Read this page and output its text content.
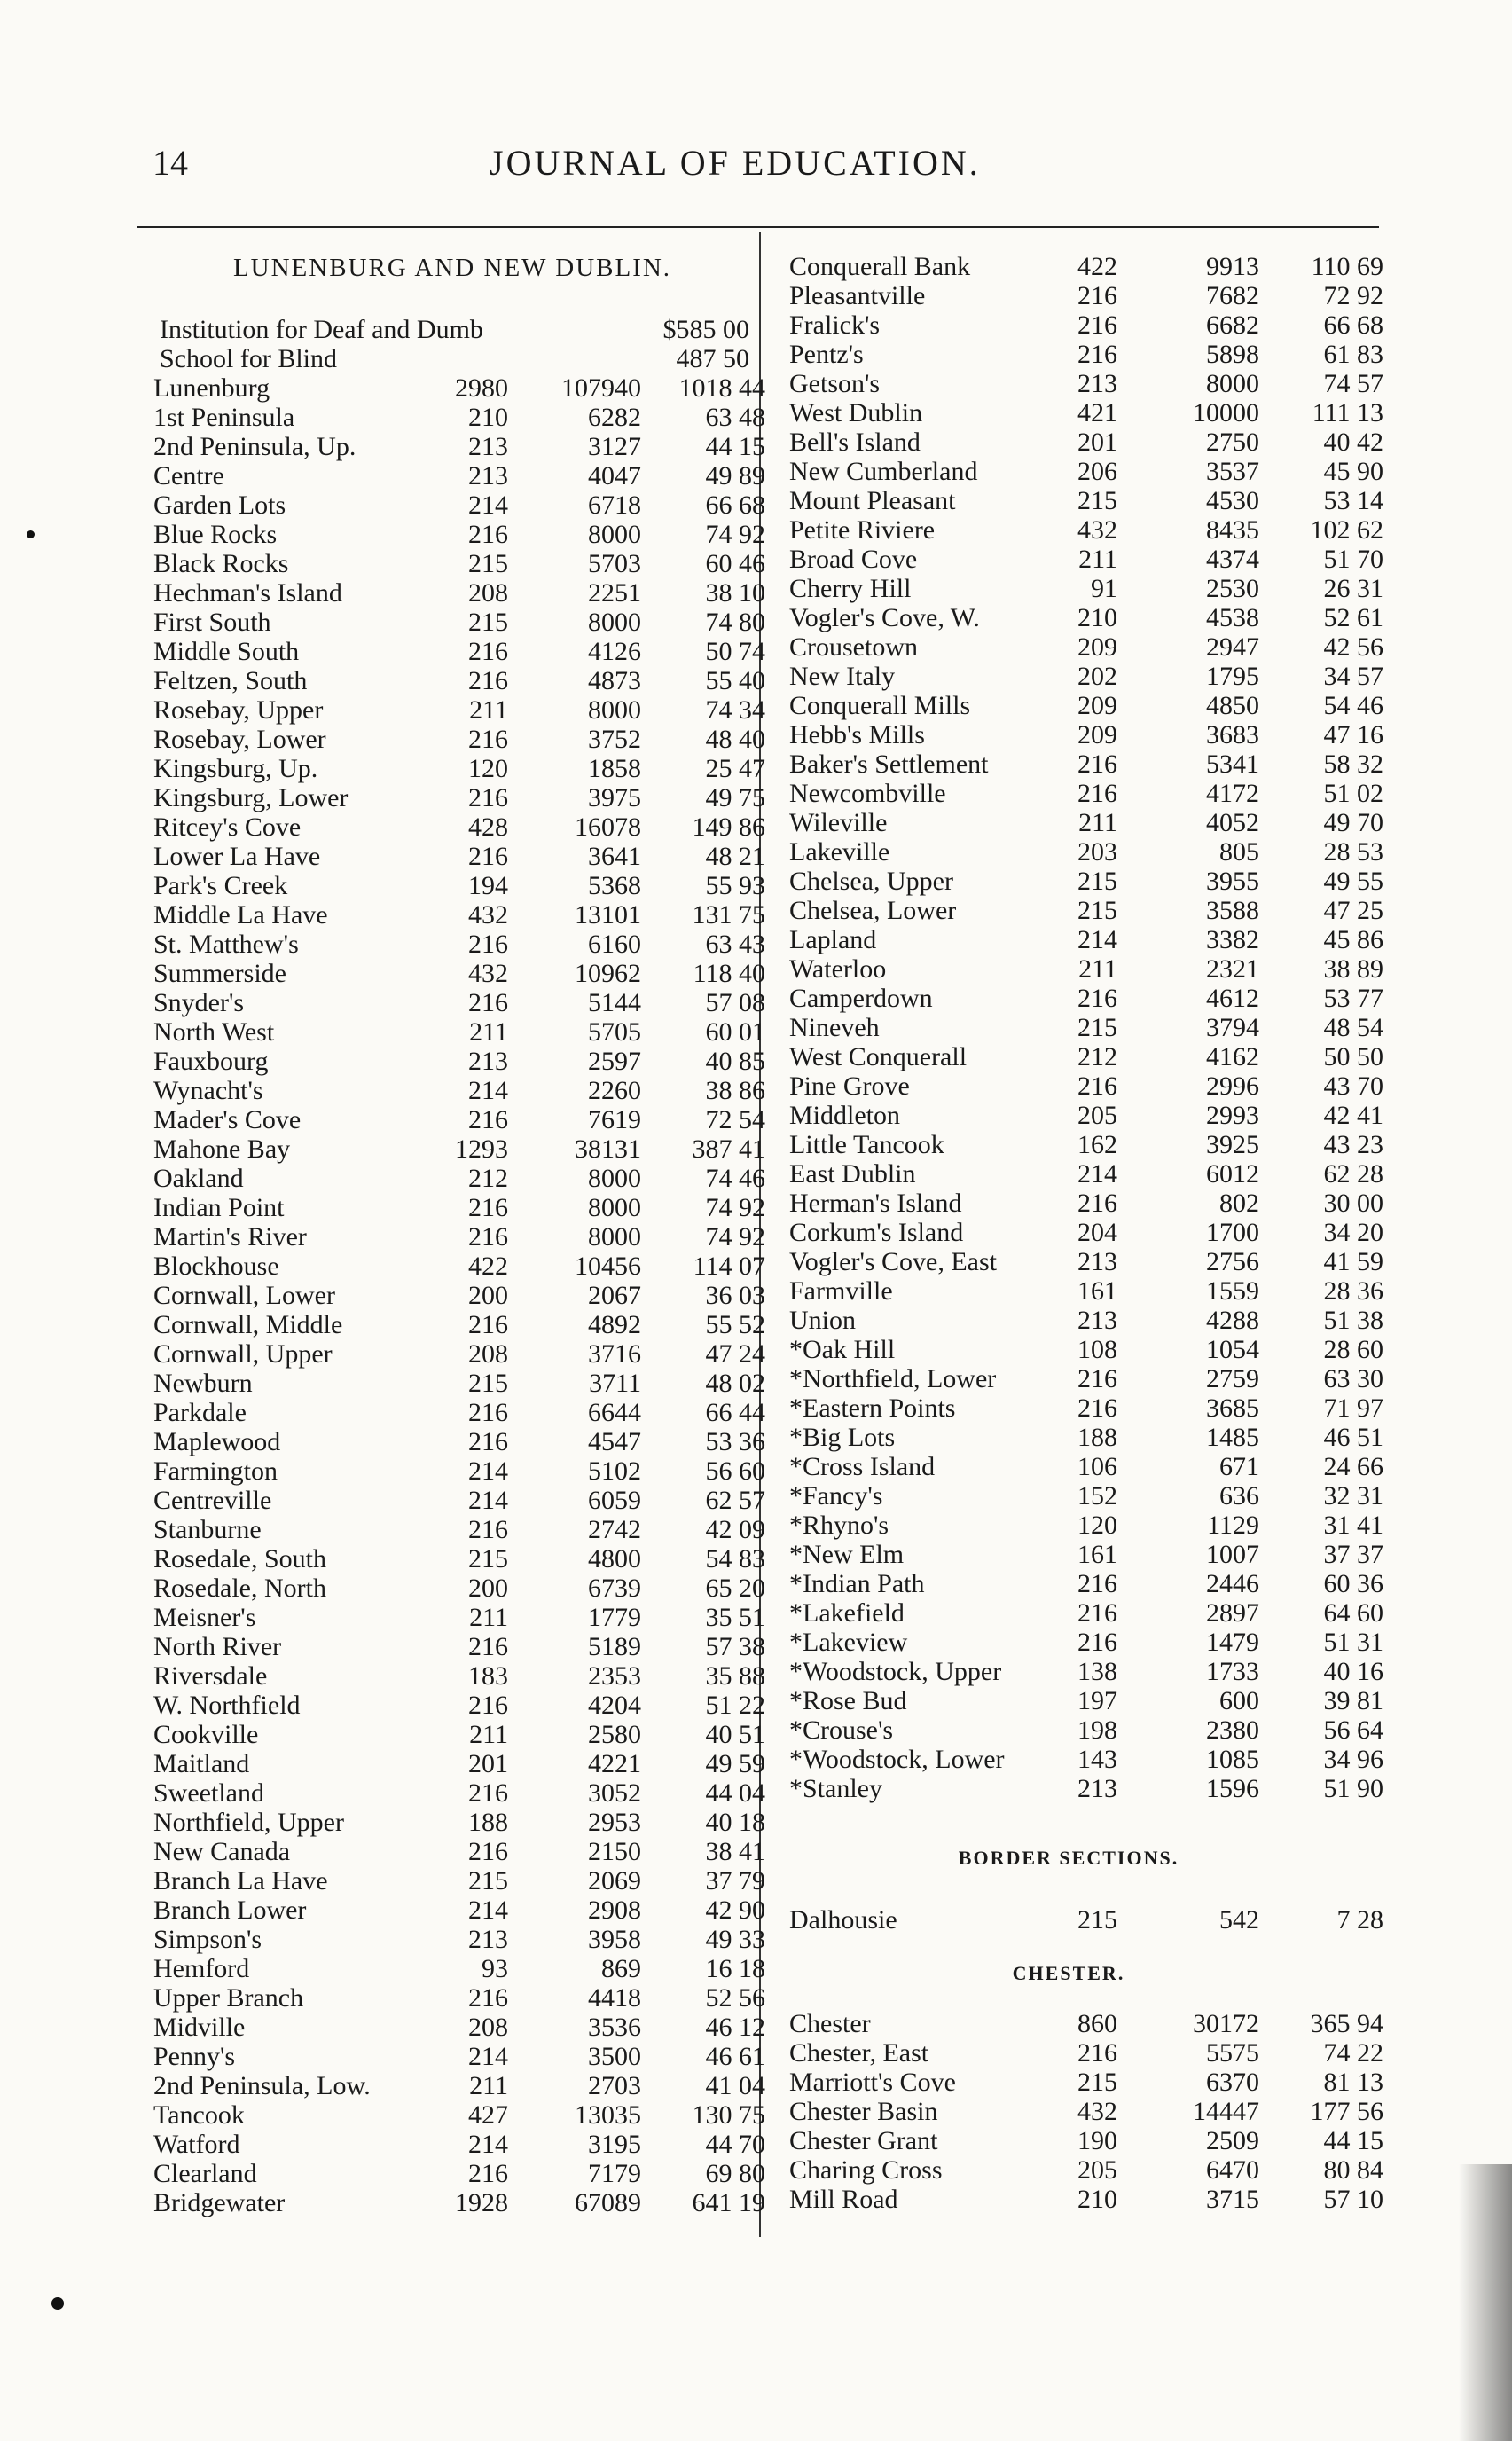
14	JOURNAL OF EDUCATION.
LUNENBURG AND NEW DUBLIN.
Institution for Deaf and Dumb	$585 00
School for Blind	487 50
Lunenburg	2980	107940	1018 44
1st Peninsula	210	6282	63 48
2nd Peninsula, Up.	213	3127	44 15
Centre	213	4047	49 89
Garden Lots	214	6718	66 68
Blue Rocks	216	8000	74 92
Black Rocks	215	5703	60 46
Hechman's Island	208	2251	38 10
First South	215	8000	74 80
Middle South	216	4126	50 74
Feltzen, South	216	4873	55 40
Rosebay, Upper	211	8000	74 34
Rosebay, Lower	216	3752	48 40
Kingsburg, Up.	120	1858	25 47
Kingsburg, Lower	216	3975	49 75
Ritcey's Cove	428	16078	149 86
Lower La Have	216	3641	48 21
Park's Creek	194	5368	55 93
Middle La Have	432	13101	131 75
St. Matthew's	216	6160	63 43
Summerside	432	10962	118 40
Snyder's	216	5144	57 08
North West	211	5705	60 01
Fauxbourg	213	2597	40 85
Wynacht's	214	2260	38 86
Mader's Cove	216	7619	72 54
Mahone Bay	1293	38131	387 41
Oakland	212	8000	74 46
Indian Point	216	8000	74 92
Martin's River	216	8000	74 92
Blockhouse	422	10456	114 07
Cornwall, Lower	200	2067	36 03
Cornwall, Middle	216	4892	55 52
Cornwall, Upper	208	3716	47 24
Newburn	215	3711	48 02
Parkdale	216	6644	66 44
Maplewood	216	4547	53 36
Farmington	214	5102	56 60
Centreville	214	6059	62 57
Stanburne	216	2742	42 09
Rosedale, South	215	4800	54 83
Rosedale, North	200	6739	65 20
Meisner's	211	1779	35 51
North River	216	5189	57 38
Riversdale	183	2353	35 88
W. Northfield	216	4204	51 22
Cookville	211	2580	40 51
Maitland	201	4221	49 59
Sweetland	216	3052	44 04
Northfield, Upper	188	2953	40 18
New Canada	216	2150	38 41
Branch La Have	215	2069	37 79
Branch Lower	214	2908	42 90
Simpson's	213	3958	49 33
Hemford	93	869	16 18
Upper Branch	216	4418	52 56
Midville	208	3536	46 12
Penny's	214	3500	46 61
2nd Peninsula, Low.	211	2703	41 04
Tancook	427	13035	130 75
Watford	214	3195	44 70
Clearland	216	7179	69 80
Bridgewater	1928	67089	641 19
Conquerall Bank	422	9913	110 69
Pleasantville	216	7682	72 92
Fralick's	216	6682	66 68
Pentz's	216	5898	61 83
Getson's	213	8000	74 57
West Dublin	421	10000	111 13
Bell's Island	201	2750	40 42
New Cumberland	206	3537	45 90
Mount Pleasant	215	4530	53 14
Petite Riviere	432	8435	102 62
Broad Cove	211	4374	51 70
Cherry Hill	91	2530	26 31
Vogler's Cove, W.	210	4538	52 61
Crousetown	209	2947	42 56
New Italy	202	1795	34 57
Conquerall Mills	209	4850	54 46
Hebb's Mills	209	3683	47 16
Baker's Settlement	216	5341	58 32
Newcombville	216	4172	51 02
Wileville	211	4052	49 70
Lakeville	203	805	28 53
Chelsea, Upper	215	3955	49 55
Chelsea, Lower	215	3588	47 25
Lapland	214	3382	45 86
Waterloo	211	2321	38 89
Camperdown	216	4612	53 77
Nineveh	215	3794	48 54
West Conquerall	212	4162	50 50
Pine Grove	216	2996	43 70
Middleton	205	2993	42 41
Little Tancook	162	3925	43 23
East Dublin	214	6012	62 28
Herman's Island	216	802	30 00
Corkum's Island	204	1700	34 20
Vogler's Cove, East	213	2756	41 59
Farmville	161	1559	28 36
Union	213	4288	51 38
*Oak Hill	108	1054	28 60
*Northfield, Lower	216	2759	63 30
*Eastern Points	216	3685	71 97
*Big Lots	188	1485	46 51
*Cross Island	106	671	24 66
*Fancy's	152	636	32 31
*Rhyno's	120	1129	31 41
*New Elm	161	1007	37 37
*Indian Path	216	2446	60 36
*Lakefield	216	2897	64 60
*Lakeview	216	1479	51 31
*Woodstock, Upper	138	1733	40 16
*Rose Bud	197	600	39 81
*Crouse's	198	2380	56 64
*Woodstock, Lower	143	1085	34 96
*Stanley	213	1596	51 90
BORDER SECTIONS.
Dalhousie	215	542	7 28
CHESTER.
Chester	860	30172	365 94
Chester, East	216	5575	74 22
Marriott's Cove	215	6370	81 13
Chester Basin	432	14447	177 56
Chester Grant	190	2509	44 15
Charing Cross	205	6470	80 84
Mill Road	210	3715	57 10
